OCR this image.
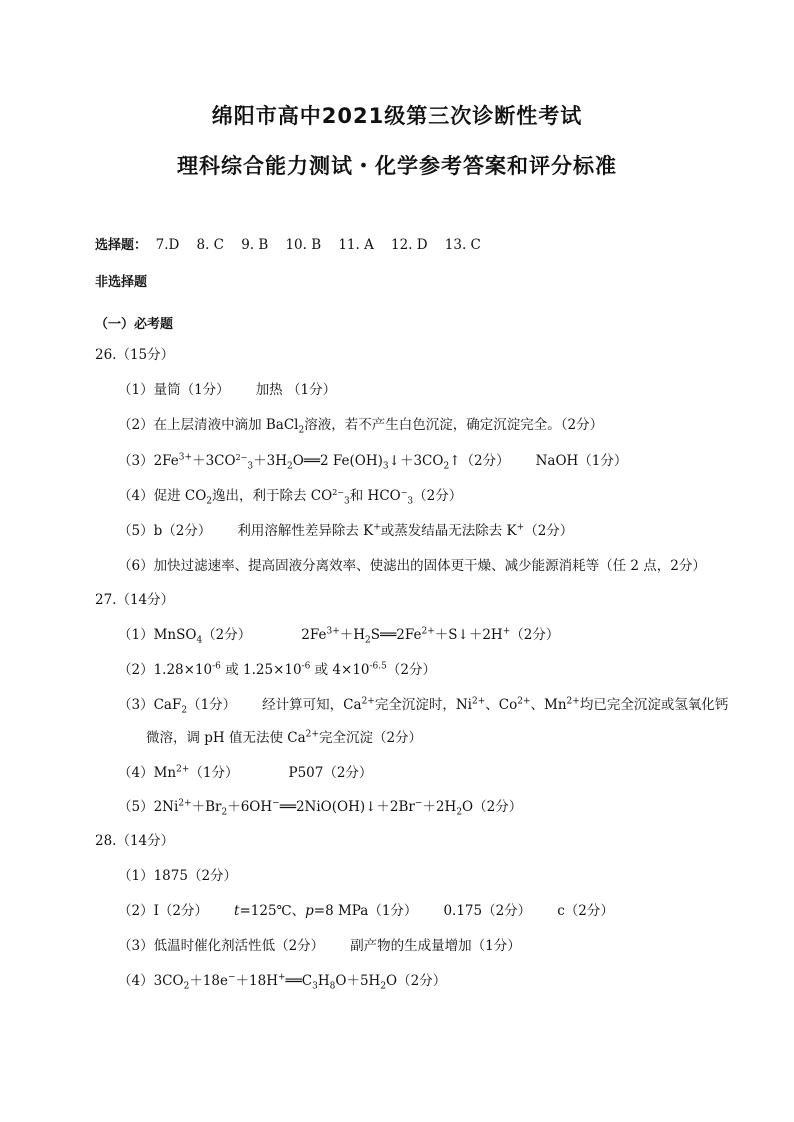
绵阳市高中2021级第三次诊断性考试
理科综合能力测试・化学参考答案和评分标准
选择题： 7.D 8. C 9. B 10. B 11. A 12. D 13. C
非选择题
（一）必考题
26.（15分）
（1）量筒（1分） 加热 （1分）
（2）在上层清液中滴加 BaCl$_2$溶液，若不产生白色沉淀，确定沉淀完全。（2分）
$(3)2Fe^{3+}+3CO_{2-3}+3H_2O══2$ $Fe(OH)_3↓+3CO_2↑(2$分） NaOH（1分）
（4）促进 $CO_2$逸出，利于除去 $CO_{2-3}$和 $HCO_{-3}(2$分）
（5）b（2分） 利用溶解性差异除去 K+或蒸发结晶无法除去 K+（2分）
（6）加快过滤速率、提高固液分离效率、使滤出的固体更干燥、减少能源消耗等（任 2 点，2分）
27.（14分）
（1）MnSO$_4$（2分）	$2Fe^{3+}+H_2S══2Fe^{2+}+S↓+2H^+(2$分）
$(2)1.28\times 10^{-6}$ 或 $1.25\times 10^{-6}$ 或 $4\times 10^{-6.5}(2$分）
（3）CaF$_2$（1分） 经计算可知，$Ca^{2+}$完全沉淀时，$Ni^{2+}$、$Co^{2+}$、$Mn^{2+}$均已完全沉淀或氢氧化钙
微溶，调 pH 值无法使 $Ca^{2+}$完全沉淀（2分）
$(4)Mn^{2+}(1$分）	P507（2分）
$(5)2Ni^{2+}+Br_2+6OH^-══2NiO(OH)↓+2Br^-+2H_2O(2$分）
28.（14分）
（1）1875（2分）
（2）I（2分） t=125℃、p=8 MPa（1分） 0.175（2分） c（2分）
（3）低温时催化剂活性低（2分） 副产物的生成量增加（1分）
$(4)3CO_2+18e^-+18H^+══C_3H_8O+5H_2O(2$分）
